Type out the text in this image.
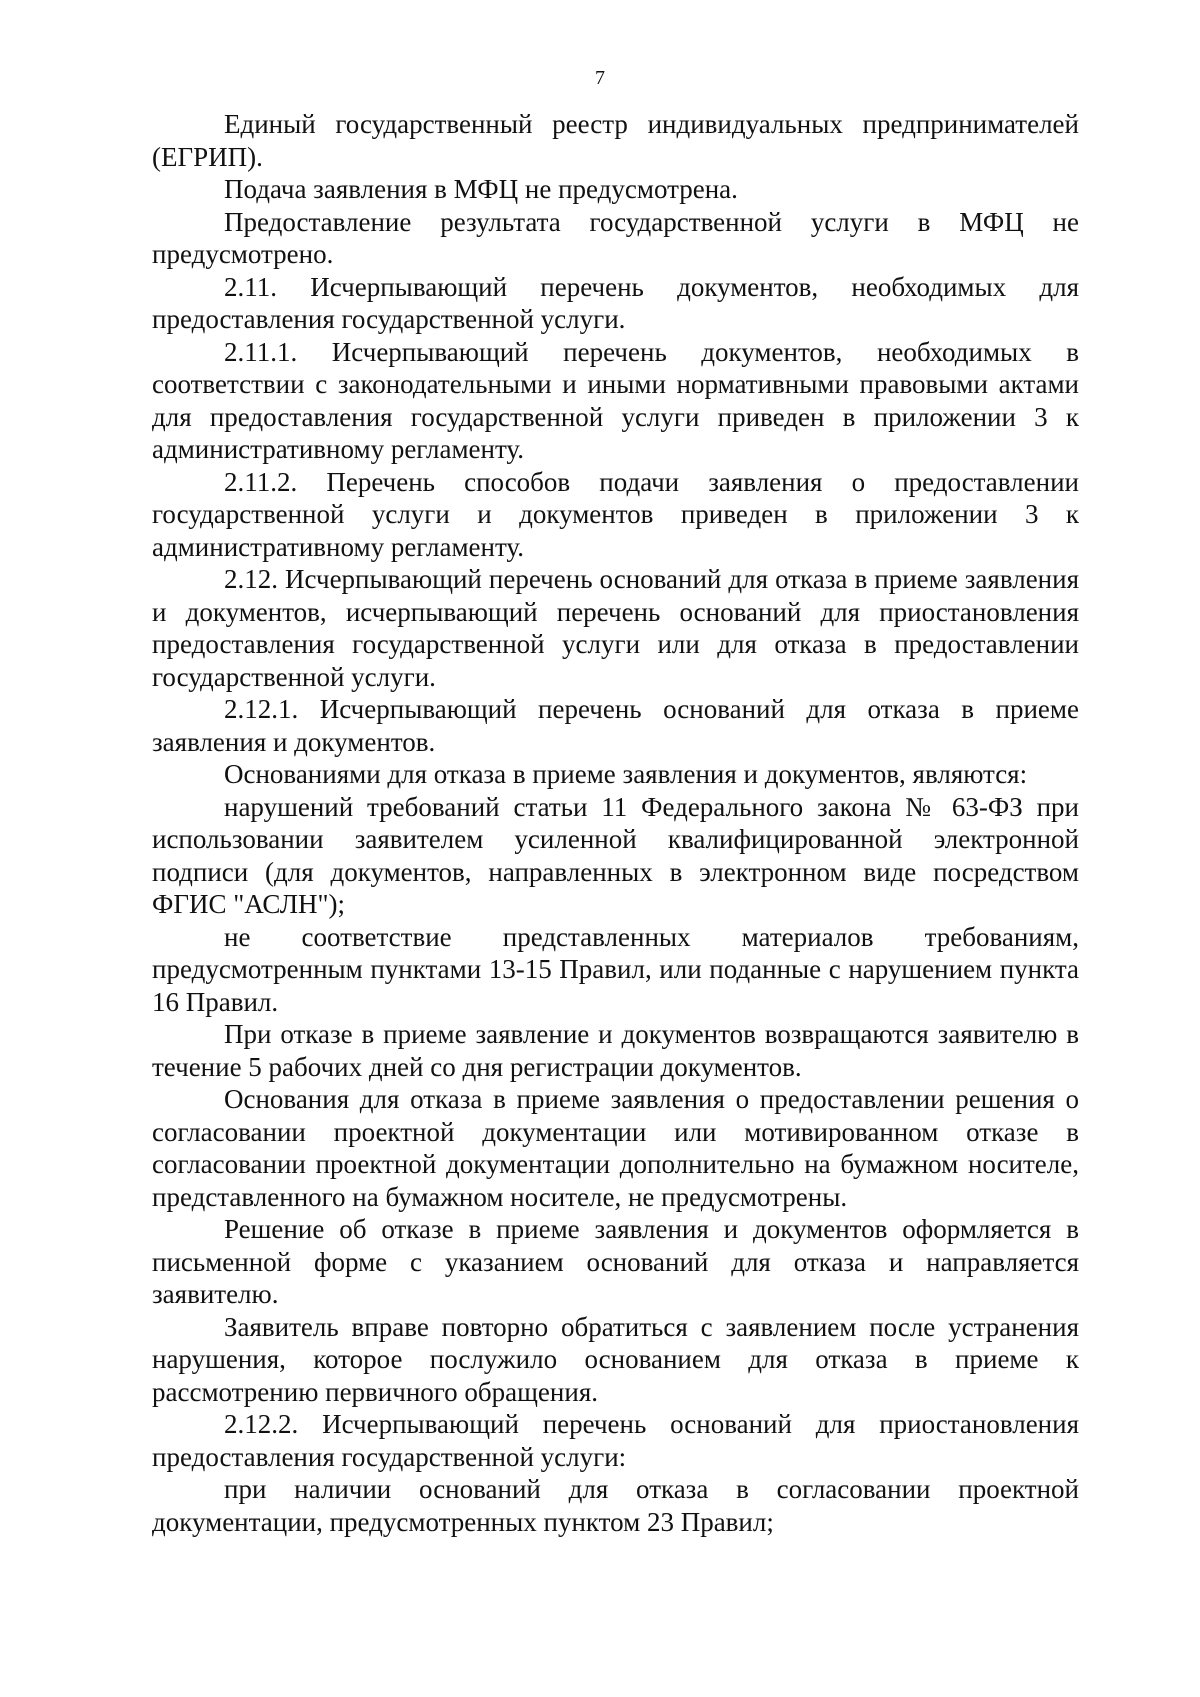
7

Единый государственный реестр индивидуальных предпринимателей (ЕГРИП).

Подача заявления в МФЦ не предусмотрена.

Предоставление результата государственной услуги в МФЦ не предусмотрено.

2.11. Исчерпывающий перечень документов, необходимых для предоставления государственной услуги.

2.11.1. Исчерпывающий перечень документов, необходимых в соответствии с законодательными и иными нормативными правовыми актами для предоставления государственной услуги приведен в приложении 3 к административному регламенту.

2.11.2. Перечень способов подачи заявления о предоставлении государственной услуги и документов приведен в приложении 3 к административному регламенту.

2.12. Исчерпывающий перечень оснований для отказа в приеме заявления и документов, исчерпывающий перечень оснований для приостановления предоставления государственной услуги или для отказа в предоставлении государственной услуги.

2.12.1. Исчерпывающий перечень оснований для отказа в приеме заявления и документов.

Основаниями для отказа в приеме заявления и документов, являются:

нарушений требований статьи 11 Федерального закона № 63-ФЗ при использовании заявителем усиленной квалифицированной электронной подписи (для документов, направленных в электронном виде посредством ФГИС "АСЛН");

не соответствие представленных материалов требованиям, предусмотренным пунктами 13-15 Правил, или поданные с нарушением пункта 16 Правил.

При отказе в приеме заявление и документов возвращаются заявителю в течение 5 рабочих дней со дня регистрации документов.

Основания для отказа в приеме заявления о предоставлении решения о согласовании проектной документации или мотивированном отказе в согласовании проектной документации дополнительно на бумажном носителе, представленного на бумажном носителе, не предусмотрены.

Решение об отказе в приеме заявления и документов оформляется в письменной форме с указанием оснований для отказа и направляется заявителю.

Заявитель вправе повторно обратиться с заявлением после устранения нарушения, которое послужило основанием для отказа в приеме к рассмотрению первичного обращения.

2.12.2. Исчерпывающий перечень оснований для приостановления предоставления государственной услуги:

при наличии оснований для отказа в согласовании проектной документации, предусмотренных пунктом 23 Правил;
